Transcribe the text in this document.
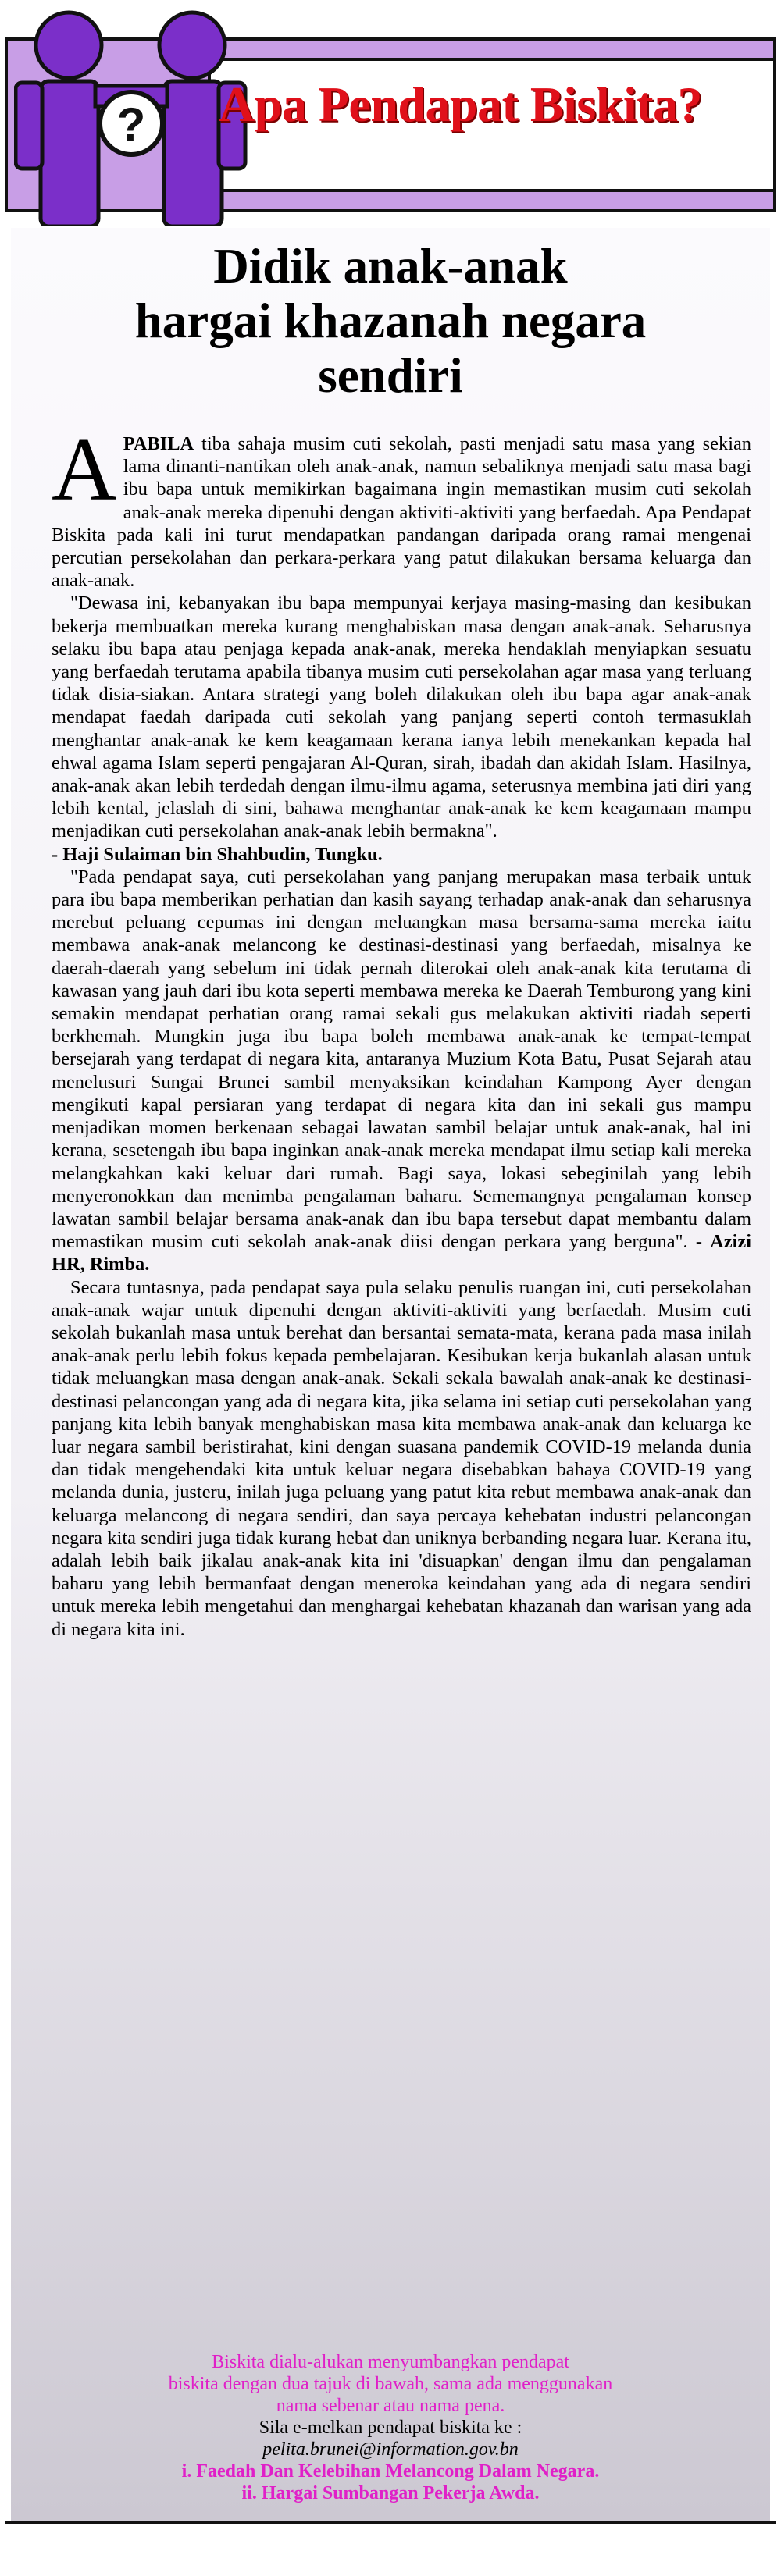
? Apa Pendapat Biskita?
Didik anak-anak
hargai khazanah negara
sendiri

APABILA tiba sahaja musim cuti sekolah, pasti menjadi satu masa yang sekian lama dinanti-nantikan oleh anak-anak, namun sebaliknya menjadi satu masa bagi ibu bapa untuk memikirkan bagaimana ingin memastikan musim cuti sekolah anak-anak mereka dipenuhi dengan aktiviti-aktiviti yang berfaedah. Apa Pendapat Biskita pada kali ini turut mendapatkan pandangan daripada orang ramai mengenai percutian persekolahan dan perkara-perkara yang patut dilakukan bersama keluarga dan anak-anak.

"Dewasa ini, kebanyakan ibu bapa mempunyai kerjaya masing-masing dan kesibukan bekerja membuatkan mereka kurang menghabiskan masa dengan anak-anak. Seharusnya selaku ibu bapa atau penjaga kepada anak-anak, mereka hendaklah menyiapkan sesuatu yang berfaedah terutama apabila tibanya musim cuti persekolahan agar masa yang terluang tidak disia-siakan. Antara strategi yang boleh dilakukan oleh ibu bapa agar anak-anak mendapat faedah daripada cuti sekolah yang panjang seperti contoh termasuklah menghantar anak-anak ke kem keagamaan kerana ianya lebih menekankan kepada hal ehwal agama Islam seperti pengajaran Al-Quran, sirah, ibadah dan akidah Islam. Hasilnya, anak-anak akan lebih terdedah dengan ilmu-ilmu agama, seterusnya membina jati diri yang lebih kental, jelaslah di sini, bahawa menghantar anak-anak ke kem keagamaan mampu menjadikan cuti persekolahan anak-anak lebih bermakna".

- Haji Sulaiman bin Shahbudin, Tungku.

"Pada pendapat saya, cuti persekolahan yang panjang merupakan masa terbaik untuk para ibu bapa memberikan perhatian dan kasih sayang terhadap anak-anak dan seharusnya merebut peluang cepumas ini dengan meluangkan masa bersama-sama mereka iaitu membawa anak-anak melancong ke destinasi-destinasi yang berfaedah, misalnya ke daerah-daerah yang sebelum ini tidak pernah diterokai oleh anak-anak kita terutama di kawasan yang jauh dari ibu kota seperti membawa mereka ke Daerah Temburong yang kini semakin mendapat perhatian orang ramai sekali gus melakukan aktiviti riadah seperti berkhemah. Mungkin juga ibu bapa boleh membawa anak-anak ke tempat-tempat bersejarah yang terdapat di negara kita, antaranya Muzium Kota Batu, Pusat Sejarah atau menelusuri Sungai Brunei sambil menyaksikan keindahan Kampong Ayer dengan mengikuti kapal persiaran yang terdapat di negara kita dan ini sekali gus mampu menjadikan momen berkenaan sebagai lawatan sambil belajar untuk anak-anak, hal ini kerana, sesetengah ibu bapa inginkan anak-anak mereka mendapat ilmu setiap kali mereka melangkahkan kaki keluar dari rumah. Bagi saya, lokasi sebeginilah yang lebih menyeronokkan dan menimba pengalaman baharu. Sememangnya pengalaman konsep lawatan sambil belajar bersama anak-anak dan ibu bapa tersebut dapat membantu dalam memastikan musim cuti sekolah anak-anak diisi dengan perkara yang berguna". - Azizi HR, Rimba.

Secara tuntasnya, pada pendapat saya pula selaku penulis ruangan ini, cuti persekolahan anak-anak wajar untuk dipenuhi dengan aktiviti-aktiviti yang berfaedah. Musim cuti sekolah bukanlah masa untuk berehat dan bersantai semata-mata, kerana pada masa inilah anak-anak perlu lebih fokus kepada pembelajaran. Kesibukan kerja bukanlah alasan untuk tidak meluangkan masa dengan anak-anak. Sekali sekala bawalah anak-anak ke destinasi-destinasi pelancongan yang ada di negara kita, jika selama ini setiap cuti persekolahan yang panjang kita lebih banyak menghabiskan masa kita membawa anak-anak dan keluarga ke luar negara sambil beristirahat, kini dengan suasana pandemik COVID-19 melanda dunia dan tidak mengehendaki kita untuk keluar negara disebabkan bahaya COVID-19 yang melanda dunia, justeru, inilah juga peluang yang patut kita rebut membawa anak-anak dan keluarga melancong di negara sendiri, dan saya percaya kehebatan industri pelancongan negara kita sendiri juga tidak kurang hebat dan uniknya berbanding negara luar. Kerana itu, adalah lebih baik jikalau anak-anak kita ini 'disuapkan' dengan ilmu dan pengalaman baharu yang lebih bermanfaat dengan meneroka keindahan yang ada di negara sendiri untuk mereka lebih mengetahui dan menghargai kehebatan khazanah dan warisan yang ada di negara kita ini.

Biskita dialu-alukan menyumbangkan pendapat
biskita dengan dua tajuk di bawah, sama ada menggunakan
nama sebenar atau nama pena.
Sila e-melkan pendapat biskita ke :
pelita.brunei@information.gov.bn
i. Faedah Dan Kelebihan Melancong Dalam Negara.
ii. Hargai Sumbangan Pekerja Awda.
